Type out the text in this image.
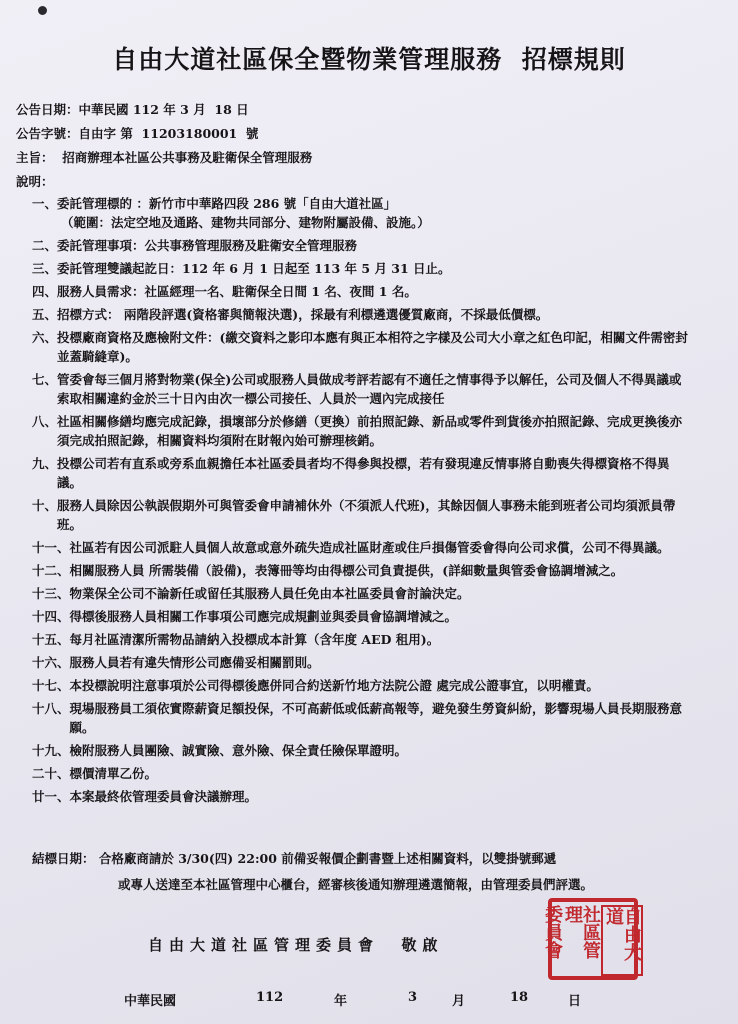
自由大道社區保全暨物業管理服務  招標規則
公告日期：中華民國 112 年 3 月  18 日
公告字號：自由字 第  11203180001  號
主旨：  招商辦理本社區公共事務及駐衛保全管理服務
說明：
一、 委託管理標的 ：新竹市中華路四段 286 號「自由大道社區」
（範圍：法定空地及通路、建物共同部分、建物附屬設備、設施。）
二、 委託管理事項：公共事務管理服務及駐衛安全管理服務
三、 委託管理雙議起訖日：112 年 6 月 1 日起至 113 年 5 月 31 日止。
四、 服務人員需求：社區經理一名、駐衛保全日間 1 名、夜間 1 名。
五、 招標方式： 兩階段評選(資格審與簡報決選)，採最有利標遴選優質廠商，不採最低價標。
六、 投標廠商資格及應檢附文件：(繳交資料之影印本應有與正本相符之字樣及公司大小章之紅色印記，相關文件需密封並蓋騎縫章)。
七、 管委會每三個月將對物業(保全)公司或服務人員做成考評若認有不適任之情事得予以解任，公司及個人不得異議或索取相關違約金於三十日內由次一標公司接任、人員於一週內完成接任
八、 社區相關修繕均應完成記錄，損壞部分於修繕（更換）前拍照記錄、新品或零件到貨後亦拍照記錄、完成更換後亦須完成拍照記錄，相關資料均須附在財報內始可辦理核銷。
九、 投標公司若有直系或旁系血親擔任本社區委員者均不得參與投標，若有發現違反情事將自動喪失得標資格不得異議。
十、 服務人員除因公執誤假期外可與管委會申請補休外（不須派人代班)，其餘因個人事務未能到班者公司均須派員帶班。
十一、 社區若有因公司派駐人員個人故意或意外疏失造成社區財產或住戶損傷管委會得向公司求償，公司不得異議。
十二、 相關服務人員 所需裝備（設備)，表簿冊等均由得標公司負責提供，(詳細數量與管委會協調增減之。
十三、 物業保全公司不論新任或留任其服務人員任免由本社區委員會討論決定。
十四、 得標後服務人員相關工作事項公司應完成規劃並與委員會協調增減之。
十五、 每月社區清潔所需物品請納入投標成本計算（含年度 AED 租用)。
十六、 服務人員若有違失情形公司應備妥相關罰則。
十七、 本投標說明注意事項於公司得標後應併同合約送新竹地方法院公證 處完成公證事宜，以明權責。
十八、 現場服務員工須依實際薪資足額投保，不可高薪低或低薪高報等，避免發生勞資糾紛，影響現場人員長期服務意願。
十九、 檢附服務人員團險、誠實險、意外險、保全責任險保單證明。
二十、 標價清單乙份。
廿一、 本案最終依管理委員會決議辦理。
結標日期： 合格廠商請於 3/30(四) 22:00 前備妥報價企劃書暨上述相關資料，以雙掛號郵遞
或專人送達至本社區管理中心櫃台，經審核後通知辦理遴選簡報，由管理委員們評選。
自由大道社區管理委員會  敬啟
中華民國	112	年	3	月	18	日
自由大道
社區管理
委員會
